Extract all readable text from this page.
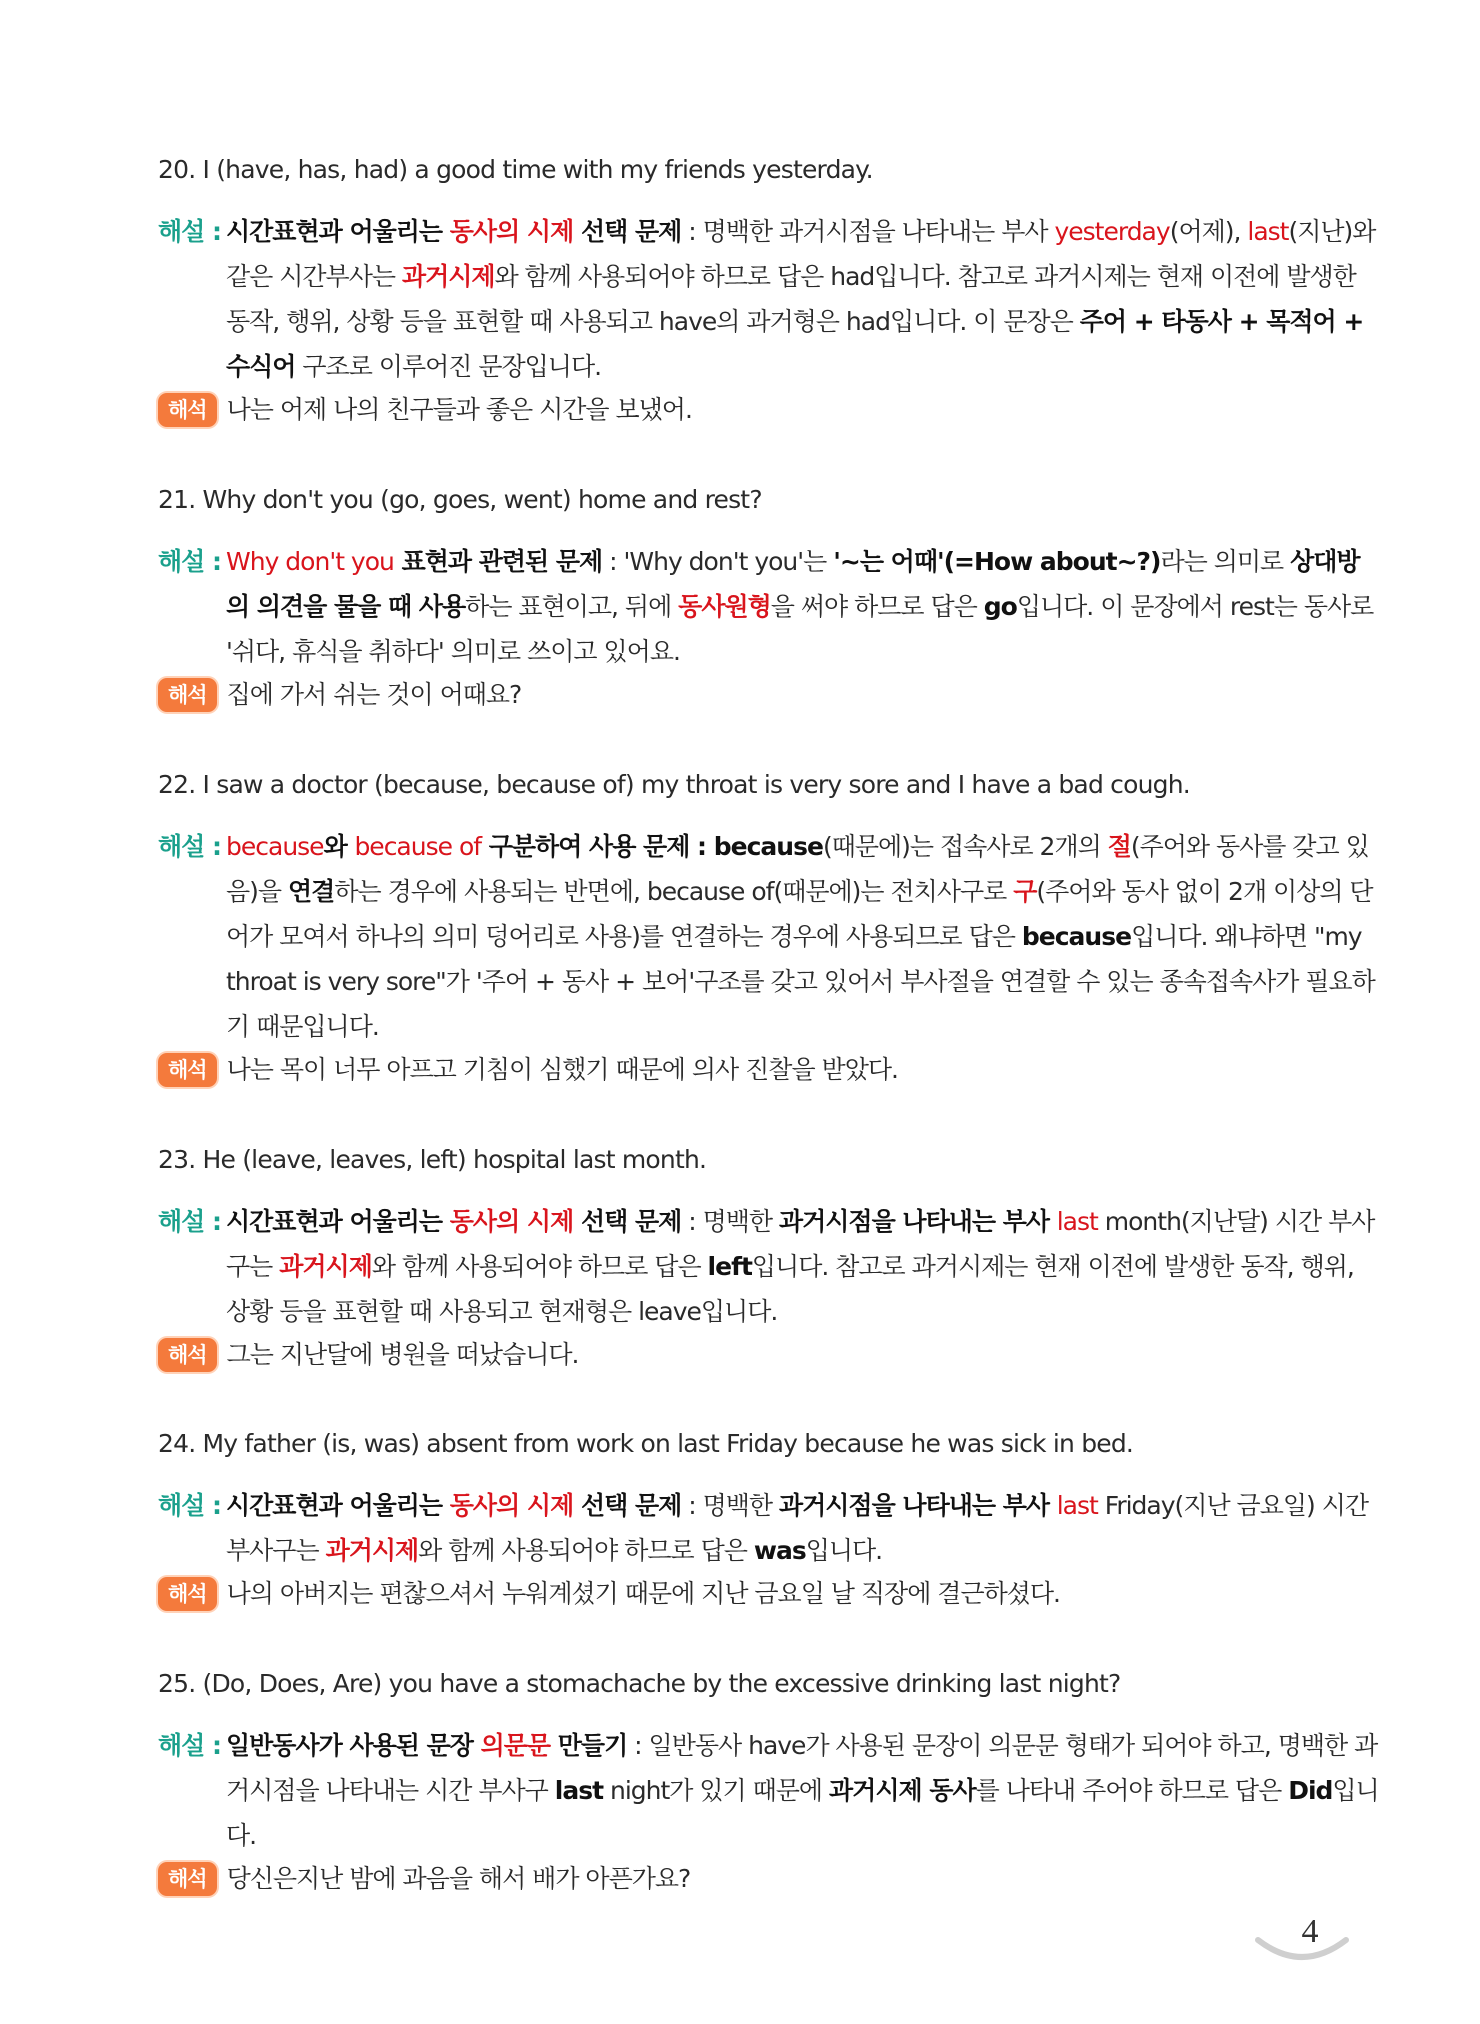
20. I (have, has, had) a good time with my friends yesterday.
해설 : 시간표현과 어울리는 동사의 시제 선택 문제 : 명백한 과거시점을 나타내는 부사 yesterday(어제), last(지난)와 같은 시간부사는 과거시제와 함께 사용되어야 하므로 답은 had입니다. 참고로 과거시제는 현재 이전에 발생한 동작, 행위, 상황 등을 표현할 때 사용되고 have의 과거형은 had입니다. 이 문장은 주어 + 타동사 + 목적어 + 수식어 구조로 이루어진 문장입니다.
해석 나는 어제 나의 친구들과 좋은 시간을 보냈어.
21. Why don't you (go, goes, went) home and rest?
해설 : Why don't you 표현과 관련된 문제 : 'Why don't you'는 '~는 어때'(=How about~?)라는 의미로 상대방의 의견을 물을 때 사용하는 표현이고, 뒤에 동사원형을 써야 하므로 답은 go입니다. 이 문장에서 rest는 동사로 '쉬다, 휴식을 취하다' 의미로 쓰이고 있어요.
해석 집에 가서 쉬는 것이 어때요?
22. I saw a doctor (because, because of) my throat is very sore and I have a bad cough.
해설 : because와 because of 구분하여 사용 문제 : because(때문에)는 접속사로 2개의 절(주어와 동사를 갖고 있음)을 연결하는 경우에 사용되는 반면에, because of(때문에)는 전치사구로 구(주어와 동사 없이 2개 이상의 단어가 모여서 하나의 의미 덩어리로 사용)를 연결하는 경우에 사용되므로 답은 because입니다. 왜냐하면 "my throat is very sore"가 '주어 + 동사 + 보어'구조를 갖고 있어서 부사절을 연결할 수 있는 종속접속사가 필요하기 때문입니다.
해석 나는 목이 너무 아프고 기침이 심했기 때문에 의사 진찰을 받았다.
23. He (leave, leaves, left) hospital last month.
해설 : 시간표현과 어울리는 동사의 시제 선택 문제 : 명백한 과거시점을 나타내는 부사 last month(지난달) 시간 부사구는 과거시제와 함께 사용되어야 하므로 답은 left입니다. 참고로 과거시제는 현재 이전에 발생한 동작, 행위, 상황 등을 표현할 때 사용되고 현재형은 leave입니다.
해석 그는 지난달에 병원을 떠났습니다.
24. My father (is, was) absent from work on last Friday because he was sick in bed.
해설 : 시간표현과 어울리는 동사의 시제 선택 문제 : 명백한 과거시점을 나타내는 부사 last Friday(지난 금요일) 시간 부사구는 과거시제와 함께 사용되어야 하므로 답은 was입니다.
해석 나의 아버지는 편찮으셔서 누워계셨기 때문에 지난 금요일 날 직장에 결근하셨다.
25. (Do, Does, Are) you have a stomachache by the excessive drinking last night?
해설 : 일반동사가 사용된 문장 의문문 만들기 : 일반동사 have가 사용된 문장이 의문문 형태가 되어야 하고, 명백한 과거시점을 나타내는 시간 부사구 last night가 있기 때문에 과거시제 동사를 나타내 주어야 하므로 답은 Did입니다.
해석 당신은지난 밤에 과음을 해서 배가 아픈가요?
4
